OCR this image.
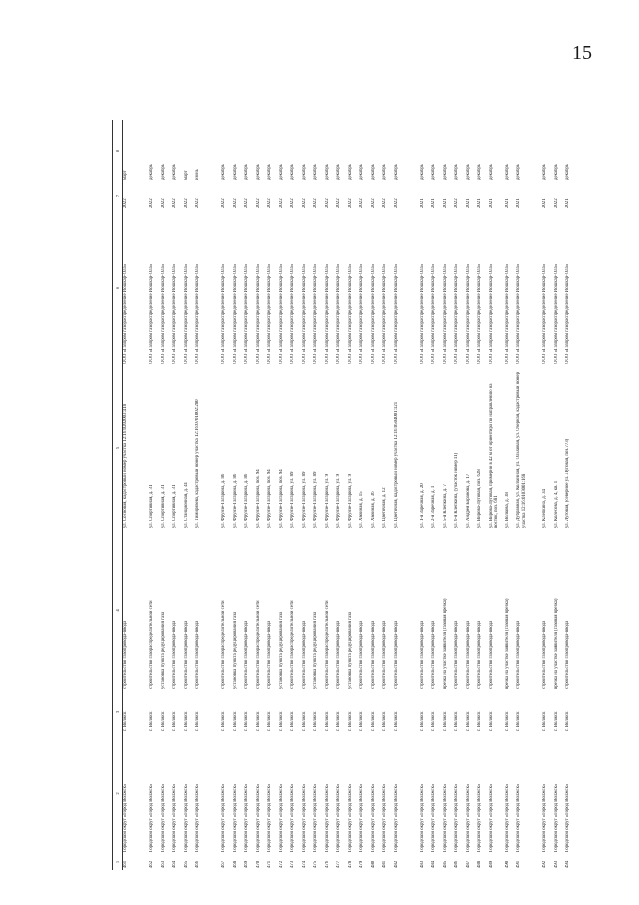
15
1	2	3	4	5	6	7	8
461	Городской округ «Город Волжск»	г. Волжск	строительство газопровода-ввода	ул. Сосновая, кадастровый номер участка 12:16:0202003:418	ООО «Газпром газораспределение Йошкар-Ола»	2022	март

462	Городской округ «Город Волжск»	г. Волжск	строительство газораспределительной сети	ул. Спортивная, д. 31	ООО «Газпром газораспределение Йошкар-Ола»	2022	декабрь
463	Городской округ «Город Волжск»	г. Волжск	установка пункта редуцирования газа	ул. Спортивная, д. 31	ООО «Газпром газораспределение Йошкар-Ола»	2022	декабрь
464	Городской округ «Город Волжск»	г. Волжск	строительство газопровода-ввода	ул. Спортивная, д. 31	ООО «Газпром газораспределение Йошкар-Ола»	2022	декабрь
465	Городской округ «Город Волжск»	г. Волжск	строительство газопровода-ввода	ул. Станционная, д. 41	ООО «Газпром газораспределение Йошкар-Ола»	2022	март
466	Городской округ «Город Волжск»	г. Волжск	строительство газопровода-ввода	ул. Тимирязева, кадастровый номер участка 12:16:0701002:280	ООО «Газпром газораспределение Йошкар-Ола»	2022	июнь

467	Городской округ «Город Волжск»	г. Волжск	строительство газораспределительной сети	ул. Фрунзе-Гагарина, д. 86	ООО «Газпром газораспределение Йошкар-Ола»	2022	декабрь
468	Городской округ «Город Волжск»	г. Волжск	установка пункта редуцирования газа	ул. Фрунзе-Гагарина, д. 86	ООО «Газпром газораспределение Йошкар-Ола»	2022	декабрь
469	Городской округ «Город Волжск»	г. Волжск	строительство газопровода-ввода	ул. Фрунзе-Гагарина, д. 86	ООО «Газпром газораспределение Йошкар-Ола»	2022	декабрь
470	Городской округ «Город Волжск»	г. Волжск	строительство газораспределительной сети	ул. Фрунзе-Гагарина, поз. 94	ООО «Газпром газораспределение Йошкар-Ола»	2022	декабрь
471	Городской округ «Город Волжск»	г. Волжск	строительство газопровода-ввода	ул. Фрунзе-Гагарина, поз. 94	ООО «Газпром газораспределение Йошкар-Ола»	2022	декабрь
472	Городской округ «Город Волжск»	г. Волжск	установка пункта редуцирования газа	ул. Фрунзе-Гагарина, поз. 94	ООО «Газпром газораспределение Йошкар-Ола»	2022	декабрь
473	Городской округ «Город Волжск»	г. Волжск	строительство газораспределительной сети	ул. Фрунзе-Гагарина, ул. 89	ООО «Газпром газораспределение Йошкар-Ола»	2022	декабрь
474	Городской округ «Город Волжск»	г. Волжск	строительство газопровода-ввода	ул. Фрунзе-Гагарина, ул. 89	ООО «Газпром газораспределение Йошкар-Ола»	2022	декабрь
475	Городской округ «Город Волжск»	г. Волжск	установка пункта редуцирования газа	ул. Фрунзе-Гагарина, ул. 89	ООО «Газпром газораспределение Йошкар-Ола»	2022	декабрь
476	Городской округ «Город Волжск»	г. Волжск	строительство газораспределительной сети	ул. Фрунзе-Гагарина, ул. 9	ООО «Газпром газораспределение Йошкар-Ола»	2022	декабрь
477	Городской округ «Город Волжск»	г. Волжск	строительство газопровода-ввода	ул. Фрунзе-Гагарина, ул. 9	ООО «Газпром газораспределение Йошкар-Ола»	2022	декабрь
478	Городской округ «Город Волжск»	г. Волжск	установка пункта редуцирования газа	ул. Фрунзе-Гагарина, ул. 9	ООО «Газпром газораспределение Йошкар-Ола»	2022	декабрь
479	Городской округ «Город Волжск»	г. Волжск	строительство газопровода-ввода	ул. Хвойная, д. 15	ООО «Газпром газораспределение Йошкар-Ола»	2022	декабрь
480	Городской округ «Город Волжск»	г. Волжск	строительство газопровода-ввода	ул. Хвойная, д. 36	ООО «Газпром газораспределение Йошкар-Ола»	2022	декабрь
481	Городской округ «Город Волжск»	г. Волжск	строительство газопровода-ввода	ул. Цветочная, д. 12	ООО «Газпром газораспределение Йошкар-Ола»	2022	декабрь
482	Городской округ «Город Волжск»	г. Волжск	строительство газопровода-ввода	ул. Цветочная, кадастровый номер участка 12:16:0504001:121	ООО «Газпром газораспределение Йошкар-Ола»	2022	декабрь

483	Городской округ «Город Волжск»	г. Волжск	строительство газопровода-ввода	ул. 1-я Заречная, д. 20	ООО «Газпром газораспределение Йошкар-Ола»	2021	декабрь
484	Городской округ «Город Волжск»	г. Волжск	строительство газопровода-ввода	ул. 2-я Заречная, д. 1	ООО «Газпром газораспределение Йошкар-Ола»	2021	декабрь
485	Городской округ «Город Волжск»	г. Волжск	врезка на участке заявителя (газовая врезка)	ул. 5-я Клепкина, д. 7	ООО «Газпром газораспределение Йошкар-Ола»	2021	декабрь
486	Городской округ «Город Волжск»	г. Волжск	строительство газопровода-ввода	ул. 6-я Клепкина, (участок номер 11)	ООО «Газпром газораспределение Йошкар-Ола»	2022	декабрь
487	Городской округ «Город Волжск»	г. Волжск	строительство газопровода-ввода	ул. Андрея Баранова, д. 17	ООО «Газпром газораспределение Йошкар-Ола»	2021	декабрь
488	Городской округ «Город Волжск»	г. Волжск	строительство газопровода-ввода	ул. Вирова-Луговая, поз. 628	ООО «Газпром газораспределение Йошкар-Ола»	2021	декабрь
489	Городской округ «Город Волжск»	г. Волжск	строительство газопровода-ввода	ул. Вирова-Луговая, примерно в 42 м от ориентира по направлению на восток, поз. 681	ООО «Газпром газораспределение Йошкар-Ола»	2021	декабрь
490	Городской округ «Город Волжск»	г. Волжск	врезка на участке заявителя (газовая врезка)	ул. Волкова, д. 38	ООО «Газпром газораспределение Йошкар-Ола»	2021	декабрь
491	Городской округ «Город Волжск»	г. Волжск	строительство газопровода-ввода	ул. Дубравная, ул. Колхозная, ул. Ольховая, ул. Озерная, кадастровый номер участка 12:16:0103001:168	ООО «Газпром газораспределение Йошкар-Ола»	2021	декабрь

492	Городской округ «Город Волжск»	г. Волжск	строительство газопровода-ввода	ул. Клепкина, д. 34	ООО «Газпром газораспределение Йошкар-Ола»	2021	декабрь
493	Городской округ «Город Волжск»	г. Волжск	врезка на участке заявителя (газовая врезка)	ул. Колесова, д. 4, кв. 1	ООО «Газпром газораспределение Йошкар-Ола»	2022	декабрь
494	Городской округ «Город Волжск»	г. Волжск	строительство газопровода-ввода	ул. Луговая, (северное ул. Луговая, поз.773)	ООО «Газпром газораспределение Йошкар-Ола»	2021	декабрь
